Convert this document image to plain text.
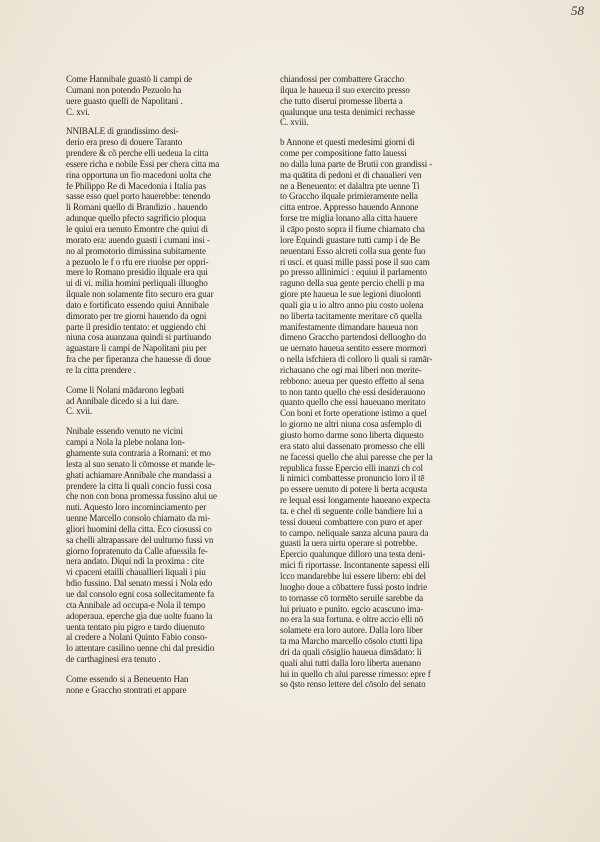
58
Come Hannibale guastò li campi de
Cumani non potendo Pezuolo ha
uere guasto quelli de Napolitani .
C. xvi.
NNIBALE di grandissimo desi-
derio era preso di douere Taranto
prendere & cõ perche elli uedeua la citta
essere richa e nobile Essi per chera citta ma
rina opportuna un fio macedoni uolta che
fe Philippo Re di Macedonia i Italia pas
sasse esso quel porto hauerebbe: tenendo
li Romani quello di Brandizio . hauendo
adunque quello pfecto sagrificio ploqua
le quiui era uenuto Emontre che quiui di
morato era: auendo guasti i cumani insi -
no al promotorio dimissina subitamente
a pezuolo le f o rfu ere riuolse per oppri-
mere lo Romano presidio ilquale era qui
ui di vi. milia homini perliquali illuogho
ilquale non solamente fito securo era guar
dato e fortificato essendo quiui Annibale
dimorato per tre giorni hauendo da ogni
parte il presidio tentato: et uggiendo chi
niuna cosa auanzaua quindi si partiuando
aguastare li campi de Napolitani piu per
fra che per fiperanza che hauesse di doue
re la citta prendere .
Come li Nolani mādarono legbati
ad Annibale dicedo si a lui dare.
C. xvii.
Nnibale essendo venuto ne vicini
campi a Nola la plebe nolana lon-
ghamente suta contraria a Romani: et mo
lesta al suo senato li cōmosse et mande le-
ghati achiamare Annibale che mandassi a
prendere la citta li quali concio fussi cosa
che non con bona promessa fussino alui ue
nuti. Aquesto loro incominciamento per
uenne Marcello consolo chiamato da mi-
gliori huomini della citta. Eco ciosussi co
sa chelli altrapassare del uulturno fussi vn
giorno fopratenuto da Calle afuessila fe-
nera andato. Diqui ndi la proxima : cite
vi cpaceni etailli chauallieri liquali i piu
bdio fussino. Dal senato messi i Nola edo
ue dal consolo egni cosa sollecitamente fa
cta Annibale ad occupa-e Nola il tempo
adoperaua. eperche gia due uolte fuano la
uenta tentato piu pigro e tardo diuenuto
al credere a Nolani Quinto Fabio conso-
lo attentare casilino uenne chi dal presidio
de carthaginesi era tenuto .
Come essendo si a Beneuento Han
none e Graccho stontrati et appare
chiandossi per combattere Graccho
ilqua le haueua il suo exercito presso
che tutto diseruí promesse liberta a
qualunque una testa denimici rechasse
C. xviii.
b Annone et questi medesimi giorni di
come per compositione fatto lauessi
no dalla luna parte de Brutii con grandissi -
ma quātita di pedoni et di chaualieri ven
ne a Beneuento: et dalaltra pte uenne Ti
to Graccho ilquale primieramente nella
citta entroe. Appresso hauendo Annone
forse tre miglia lonano alla citta hauere
il cāpo posto sopra il fiume chiamato cha
lore Equindi guastare tutti camp i de Be
neuentani Esso alcreti colla sua gente fuo
ri uscí. et quasi mille passi pose il suo cam
po presso allinimici : equiui il parlamento
raguno della sua gente percio chelli p ma
giore pte haueua le sue legioni diuolonti
quali gia u io altro anno piu costo uolena
no liberta tacitamente meritare cō quella
manifestamente dimandare haueua non
dimeno Graccho partendosi delluogho do
ue uernato haueua sentito essere mormori
o nella isfchiera di colloro li quali si ramār-
richauano che ogi mai liberi non merite-
rebbono: aueua per questo effetto al sena
to non tanto quello che essi desiderauono
quanto quello che essi haueuano meritato
Con boni et forte operatione istimo a quel
lo giorno ne altri niuna cosa asfemplo di
giusto homo darme sono liberta diquesto
era stato alui dassenato promesso che elli
ne facessi quello che alui paresse che per la
republica fusse Epercio elli inanzi ch col
li nimici combattesse pronuncio loro il tē
po essere uenuto di potere li berta acqusta
re lequal essi longamente haueano expecta
ta. e chel di seguente colle bandiere lui a
tessi doueui combattere con puro et aper
to campo. neliquale sanza alcuna paura da
guasti la uera uirtu operare si potrebbe.
Epercio qualunque dilloro una testa deni-
mici fi riportasse. Incontanente sapessi elli
lcco mandarebbe lui essere libero: ebi del
luogho doue a cōbattere fussi posto indrie
to tornasse cō tormēto seruile sarebbe da
lui priuato e punito. egcio acascuno ima-
no era la sua fortuna. e oltre accio elli nō
solamete era loro autore. Dalla loro liber
ta ma Marcho marcello cōsolo ctutti lipa
dri da quali cōsiglio haueua dimādato: li
quali alui tutti dalla loro liberta auenano
lui in quello ch alui paresse rimesso: epre f
so q̄sto renso lettere del cōsolo del senato
